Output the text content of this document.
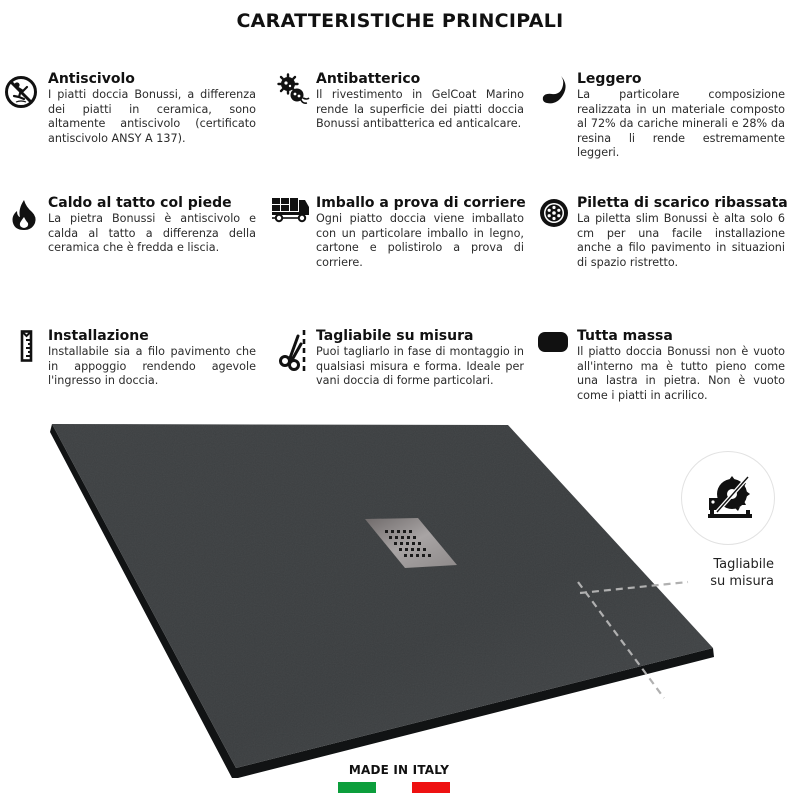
CARATTERISTICHE PRINCIPALI
Antiscivolo
I piatti doccia Bonussi, a differenza dei piatti in ceramica, sono altamente antiscivolo (certificato antiscivolo ANSY A 137).
Antibatterico
Il rivestimento in GelCoat Marino rende la superficie dei piatti doccia Bonussi antibatterica ed anticalcare.
Leggero
La particolare composizione realizzata in un materiale composto al 72% da cariche minerali e 28% da resina li rende estremamente leggeri.
Caldo al tatto col piede
La pietra Bonussi è antiscivolo e calda al tatto a differenza della ceramica che è fredda e liscia.
Imballo a prova di corriere
Ogni piatto doccia viene imballato con un particolare imballo in legno, cartone e polistirolo a prova di corriere.
Piletta di scarico ribassata
La piletta slim Bonussi è alta solo 6 cm per una facile installazione anche a filo pavimento in situazioni di spazio ristretto.
Installazione
Installabile sia a filo pavimento che in appoggio rendendo agevole l'ingresso in doccia.
Tagliabile su misura
Puoi tagliarlo in fase di montaggio in qualsiasi misura e forma. Ideale per vani doccia di forme particolari.
Tutta massa
Il piatto doccia Bonussi non è vuoto all'interno ma è tutto pieno come una lastra in pietra. Non è vuoto come i piatti in acrilico.
Tagliabile
su misura
MADE IN ITALY
